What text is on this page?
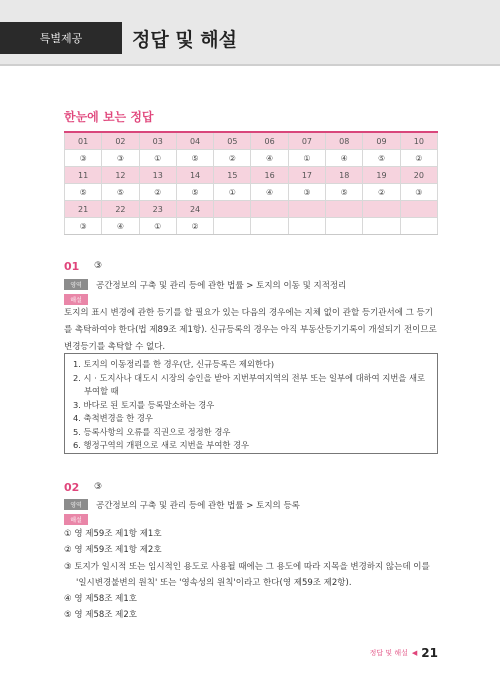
특별제공	정답 및 해설
한눈에 보는 정답
01	02	03	04	05	06	07	08	09	10
③	③	①	⑤	②	④	①	④	⑤	②
11	12	13	14	15	16	17	18	19	20
⑤	⑤	②	⑤	①	④	③	⑤	②	③
21	22	23	24						
③	④	①	②						
01 ③
영역	공간정보의 구축 및 관리 등에 관한 법률 > 토지의 이동 및 지적정리
해설
토지의 표시 변경에 관한 등기를 할 필요가 있는 다음의 경우에는 지체 없이 관할 등기관서에 그 등기를 촉탁하여야 한다(법 제89조 제1항). 신규등록의 경우는 아직 부동산등기기록이 개설되기 전이므로 변경등기를 촉탁할 수 없다.
1. 토지의 이동정리를 한 경우(단, 신규등록은 제외한다)
2. 시 · 도지사나 대도시 시장의 승인을 받아 지번부여지역의 전부 또는 일부에 대하여 지번을 새로
부여할 때
3. 바다로 된 토지를 등록말소하는 경우
4. 축척변경을 한 경우
5. 등록사항의 오류를 직권으로 정정한 경우
6. 행정구역의 개편으로 새로 지번을 부여한 경우
02 ③
영역	공간정보의 구축 및 관리 등에 관한 법률 > 토지의 등록
해설
① 영 제59조 제1항 제1호
② 영 제59조 제1항 제2호
③ 토지가 일시적 또는 임시적인 용도로 사용될 때에는 그 용도에 따라 지목을 변경하지 않는데 이를
'일시변경불변의 원칙' 또는 '영속성의 원칙'이라고 한다(영 제59조 제2항).
④ 영 제58조 제1호
⑤ 영 제58조 제2호
정답 및 해설 ◀ 21
